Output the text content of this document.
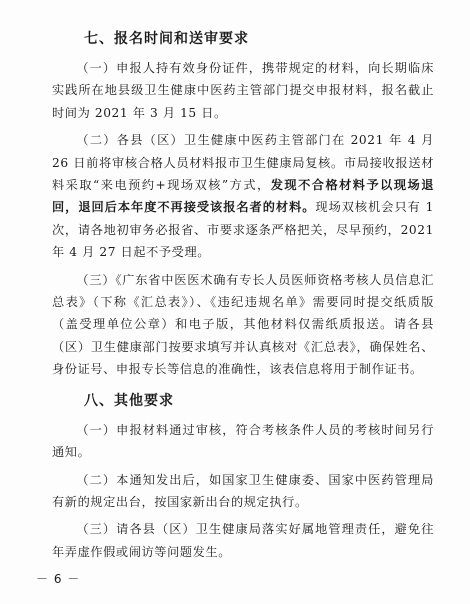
七、报名时间和送审要求

（一）申报人持有效身份证件，携带规定的材料，向长期临床实践所在地县级卫生健康中医药主管部门提交申报材料，报名截止时间为 2021 年 3 月 15 日。

（二）各县（区）卫生健康中医药主管部门在 2021 年 4 月 26 日前将审核合格人员材料报市卫生健康局复核。市局接收报送材料采取“来电预约+现场双核”方式，发现不合格材料予以现场退回，退回后本年度不再接受该报名者的材料。现场双核机会只有 1 次，请各地初审务必报省、市要求逐条严格把关，尽早预约，2021 年 4 月 27 日起不予受理。

（三）《广东省中医医术确有专长人员医师资格考核人员信息汇总表》（下称《汇总表》）、《违纪违规名单》需要同时提交纸质版（盖受理单位公章）和电子版，其他材料仅需纸质报送。请各县（区）卫生健康部门按要求填写并认真核对《汇总表》，确保姓名、身份证号、申报专长等信息的准确性，该表信息将用于制作证书。

八、其他要求

（一）申报材料通过审核，符合考核条件人员的考核时间另行通知。

（二）本通知发出后，如国家卫生健康委、国家中医药管理局有新的规定出台，按国家新出台的规定执行。

（三）请各县（区）卫生健康局落实好属地管理责任，避免往年弄虚作假或闹访等问题发生。

－ 6 －
